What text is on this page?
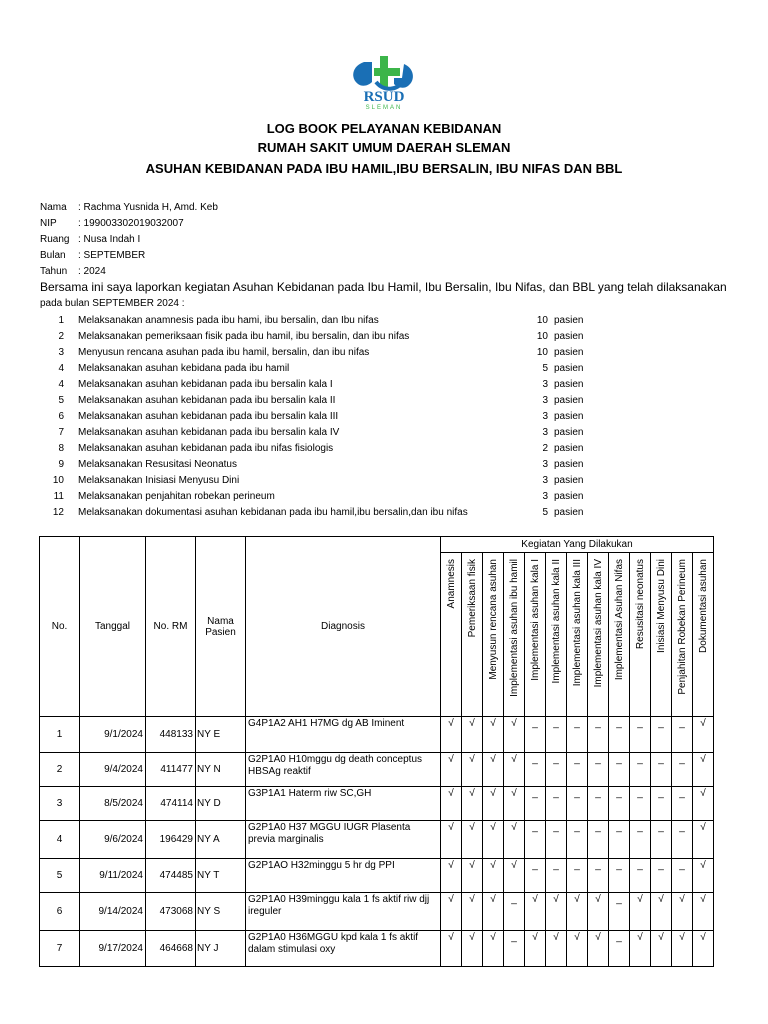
RSUD
SLEMAN
LOG BOOK PELAYANAN KEBIDANAN
RUMAH SAKIT UMUM DAERAH SLEMAN
ASUHAN KEBIDANAN PADA IBU HAMIL,IBU BERSALIN, IBU NIFAS DAN BBL
Nama	: Rachma Yusnida H, Amd. Keb
NIP	: 199003302019032007
Ruang : Nusa Indah I
Bulan	: SEPTEMBER
Tahun	: 2024
Bersama ini saya laporkan kegiatan Asuhan Kebidanan pada Ibu Hamil, Ibu Bersalin, Ibu Nifas, dan BBL yang telah dilaksanakan
pada bulan SEPTEMBER 2024 :
1	Melaksanakan anamnesis pada ibu hami, ibu bersalin, dan Ibu nifas	10 pasien
2	Melaksanakan pemeriksaan fisik pada ibu hamil, ibu bersalin, dan ibu nifas	10 pasien
3	Menyusun rencana asuhan pada ibu hamil, bersalin, dan ibu nifas	10 pasien
4	Melaksanakan asuhan kebidana pada ibu hamil	5 pasien
4	Melaksanakan asuhan kebidanan pada ibu bersalin kala I	3 pasien
5	Melaksanakan asuhan kebidanan pada ibu bersalin kala II	3 pasien
6	Melaksanakan asuhan kebidanan pada ibu bersalin kala III	3 pasien
7	Melaksanakan asuhan kebidanan pada ibu bersalin kala IV	3 pasien
8	Melaksanakan asuhan kebidanan pada ibu nifas fisiologis	2 pasien
9	Melaksanakan Resusitasi Neonatus	3 pasien
10	Melaksanakan Inisiasi Menyusu Dini	3 pasien
11	Melaksanakan penjahitan robekan perineum	3 pasien
12	Melaksanakan dokumentasi asuhan kebidanan pada ibu hamil,ibu bersalin,dan ibu nifas	5 pasien
No.	Tanggal	No. RM	Nama Pasien	Diagnosis	Kegiatan Yang Dilakukan												

					Anamnesis	Pemeriksaan fisik	Menyusun rencana asuhan	Implementasi asuhan ibu hamil	Implementasi asuhan kala I	Implementasi asuhan kala II	Implementasi asuhan kala III	Implementasi asuhan kala IV	Implementasi Asuhan Nifas	Resusitasi neonatus	Inisiasi Menyusu Dini	Penjahitan Robekan Perineum	Dokumentasi asuhan

1	9/1/2024	448133	NY E	G4P1A2 AH1 H7MG dg AB Iminent	√	√	√	√	_	_	_	_	_	_	_	_	√
2	9/4/2024	411477	NY N	G2P1A0 H10mggu dg death conceptus HBSAg reaktif	√	√	√	√	_	_	_	_	_	_	_	_	√
3	8/5/2024	474114	NY D	G3P1A1 Haterm riw SC,GH	√	√	√	√	_	_	_	_	_	_	_	_	√
4	9/6/2024	196429	NY A	G2P1A0 H37 MGGU IUGR Plasenta previa marginalis	√	√	√	√	_	_	_	_	_	_	_	_	√
5	9/11/2024	474485	NY T	G2P1AO H32minggu 5 hr dg PPI	√	√	√	√	_	_	_	_	_	_	_	_	√
6	9/14/2024	473068	NY S	G2P1A0 H39minggu kala 1 fs aktif riw djj ireguler	√	√	√	_	√	√	√	√	_	√	√	√	√
7	9/17/2024	464668	NY J	G2P1A0 H36MGGU kpd kala 1 fs aktif dalam stimulasi oxy	√	√	√	_	√	√	√	√	_	√	√	√	√
